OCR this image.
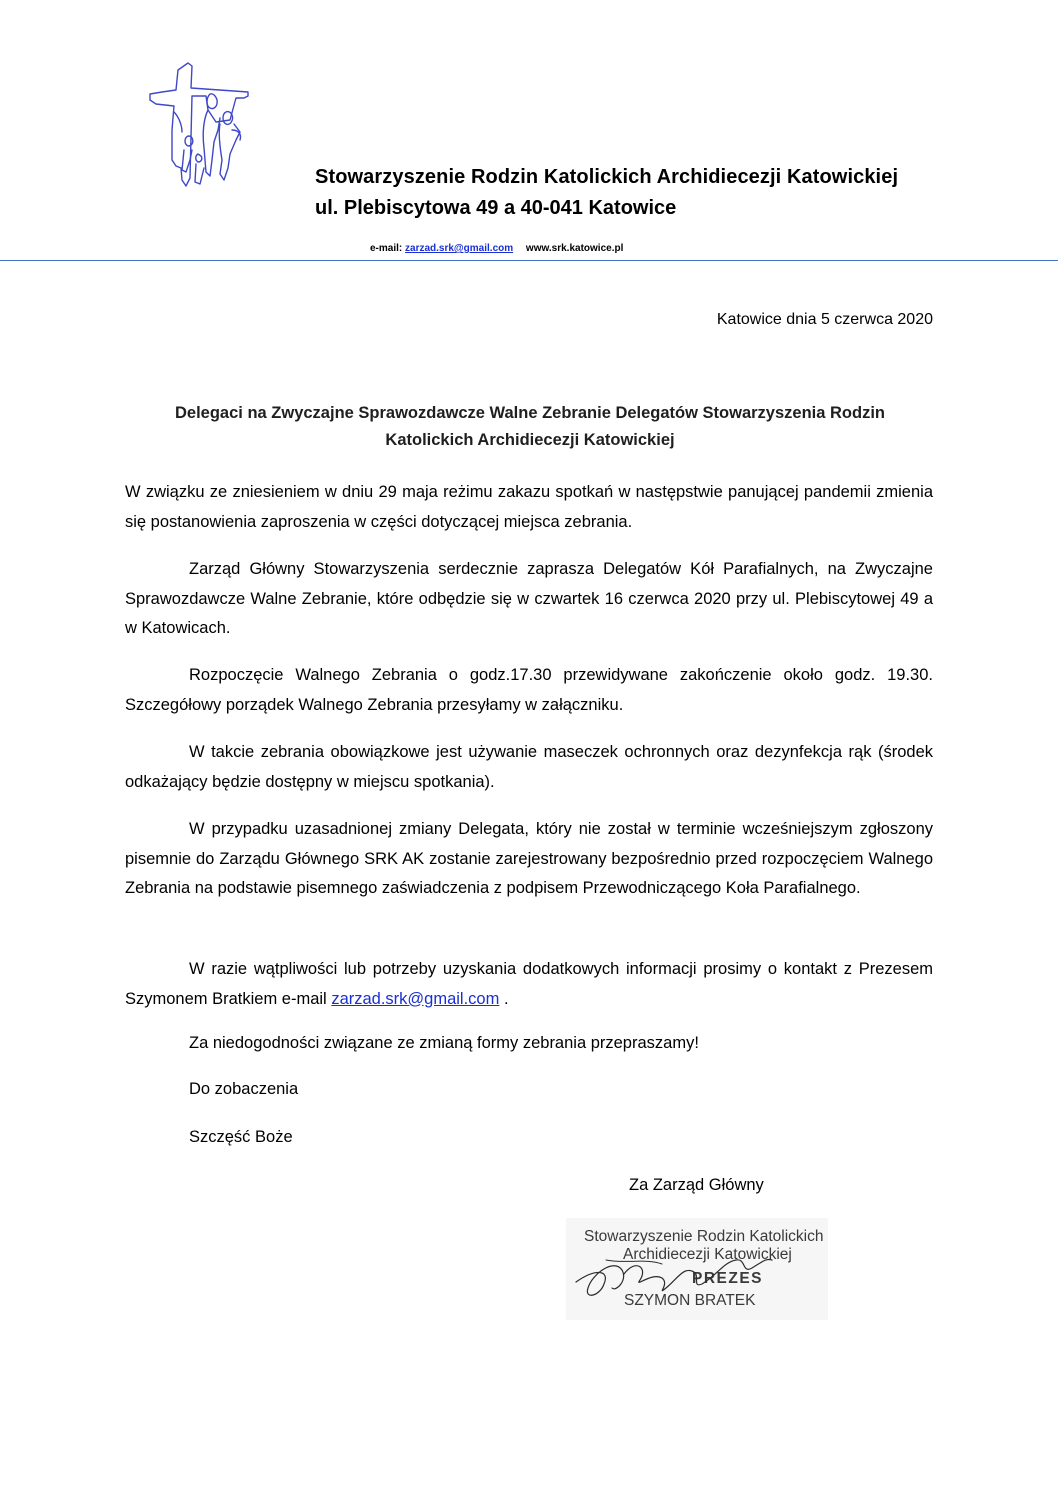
Stowarzyszenie Rodzin Katolickich Archidiecezji Katowickiej
ul. Plebiscytowa 49 a 40-041 Katowice
e-mail: zarzad.srk@gmail.com www.srk.katowice.pl
Katowice dnia 5 czerwca 2020
Delegaci na Zwyczajne Sprawozdawcze Walne Zebranie Delegatów Stowarzyszenia Rodzin
Katolickich Archidiecezji Katowickiej
W związku ze zniesieniem w dniu 29 maja reżimu zakazu spotkań w następstwie panującej pandemii zmienia się postanowienia zaproszenia w części dotyczącej miejsca zebrania.
Zarząd Główny Stowarzyszenia serdecznie zaprasza Delegatów Kół Parafialnych, na Zwyczajne Sprawozdawcze Walne Zebranie, które odbędzie się w czwartek 16 czerwca 2020 przy ul. Plebiscytowej 49 a w Katowicach.
Rozpoczęcie Walnego Zebrania o godz.17.30 przewidywane zakończenie około godz. 19.30. Szczegółowy porządek Walnego Zebrania przesyłamy w załączniku.
W takcie zebrania obowiązkowe jest używanie maseczek ochronnych oraz dezynfekcja rąk (środek odkażający będzie dostępny w miejscu spotkania).
W przypadku uzasadnionej zmiany Delegata, który nie został w terminie wcześniejszym zgłoszony pisemnie do Zarządu Głównego SRK AK zostanie zarejestrowany bezpośrednio przed rozpoczęciem Walnego Zebrania na podstawie pisemnego zaświadczenia z podpisem Przewodniczącego Koła Parafialnego.
W razie wątpliwości lub potrzeby uzyskania dodatkowych informacji prosimy o kontakt z Prezesem Szymonem Bratkiem e-mail zarzad.srk@gmail.com .
Za niedogodności związane ze zmianą formy zebrania przepraszamy!
Do zobaczenia
Szczęść Boże
Za Zarząd Główny
Stowarzyszenie Rodzin Katolickich
Archidiecezji Katowickiej
PREZES
SZYMON BRATEK
